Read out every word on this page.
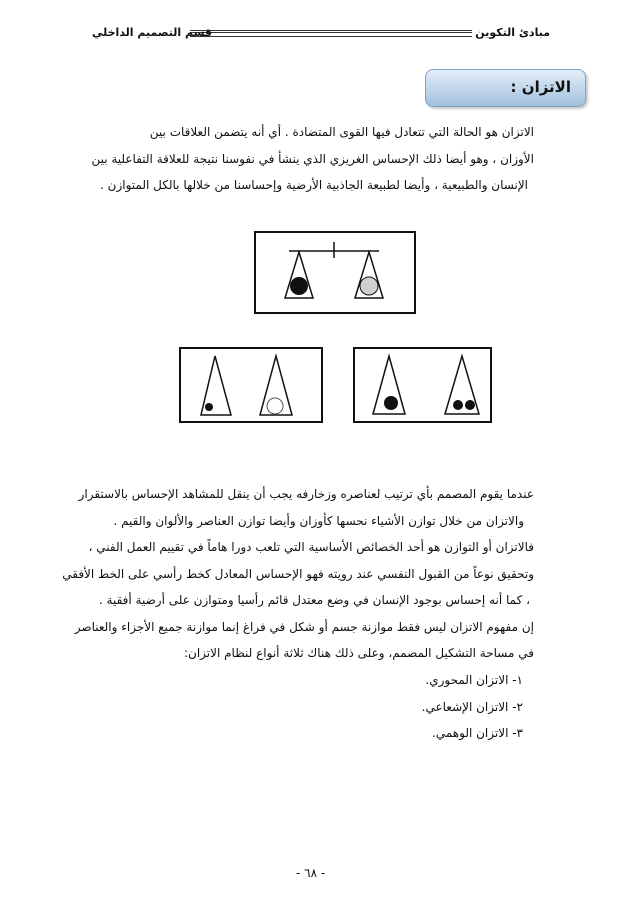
مبادئ التكوين
قسم التصميم الداخلي
الاتزان :
الاتزان هو الحالة التي تتعادل فيها القوى المتضادة . أي أنه يتضمن العلاقات بين
الأوزان ، وهو أيضا ذلك الإحساس الغريزي الذي ينشأ في نفوسنا نتيجة للعلاقة التفاعلية بين
الإنسان والطبيعية ، وأيضا لطبيعة الجاذبية الأرضية وإحساسنا من خلالها بالكل المتوازن .
عندما يقوم المصمم بأي ترتيب لعناصره وزخارفه يجب أن ينقل للمشاهد الإحساس بالاستقرار
والاتزان من خلال توازن الأشياء نحسها كأوزان وأيضا توازن العناصر والألوان والقيم .
فالاتزان أو التوازن هو أحد الخصائص الأساسية التي تلعب دورا هاماً في تقييم العمل الفني ،
وتحقيق نوعاً من القبول النفسي عند رويته فهو الإحساس المعادل كخط رأسي على الخط الأفقي
، كما أنه إحساس بوجود الإنسان في وضع معتدل قائم رأسيا ومتوازن على أرضية أفقية .
إن مفهوم الاتزان ليس فقط موازنة جسم أو شكل في فراغ إنما موازنة جميع الأجزاء والعناصر
في مساحة التشكيل المصمم، وعلى ذلك هناك ثلاثة أنواع لنظام الاتزان:
١- الاتزان المحوري.
٢- الاتزان الإشعاعي.
٣- الاتزان الوهمي.
- ٦٨ -
